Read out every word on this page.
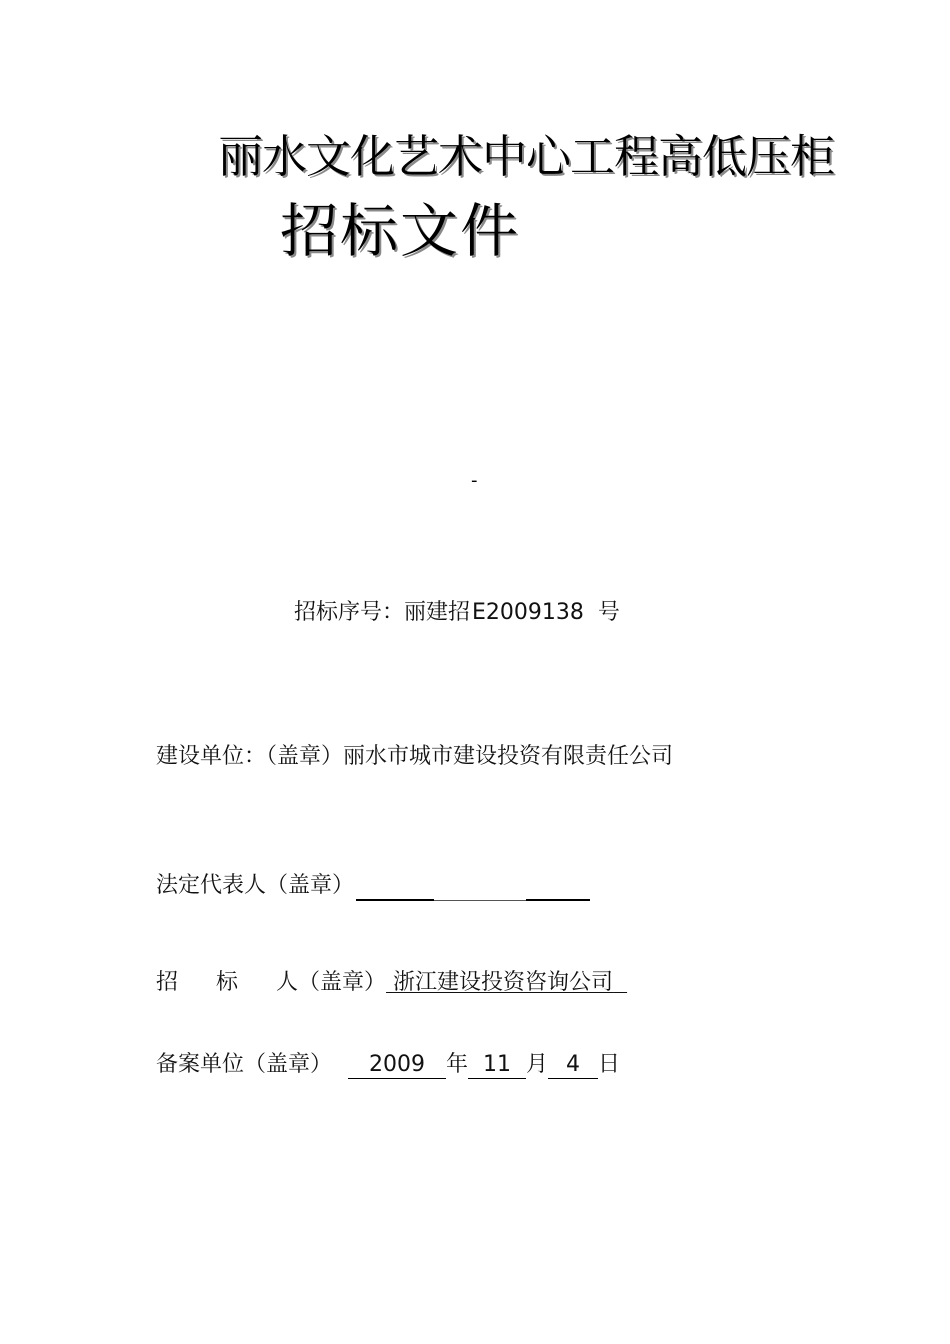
丽水文化艺术中心工程高低压柜
招标文件
-
招标序号：丽建招E2009138 号
建设单位：（盖章）丽水市城市建设投资有限责任公司
法定代表人（盖章）
招 标 人（盖章） 浙江建设投资咨询公司
备案单位（盖章） 2009 年 11 月 4 日
